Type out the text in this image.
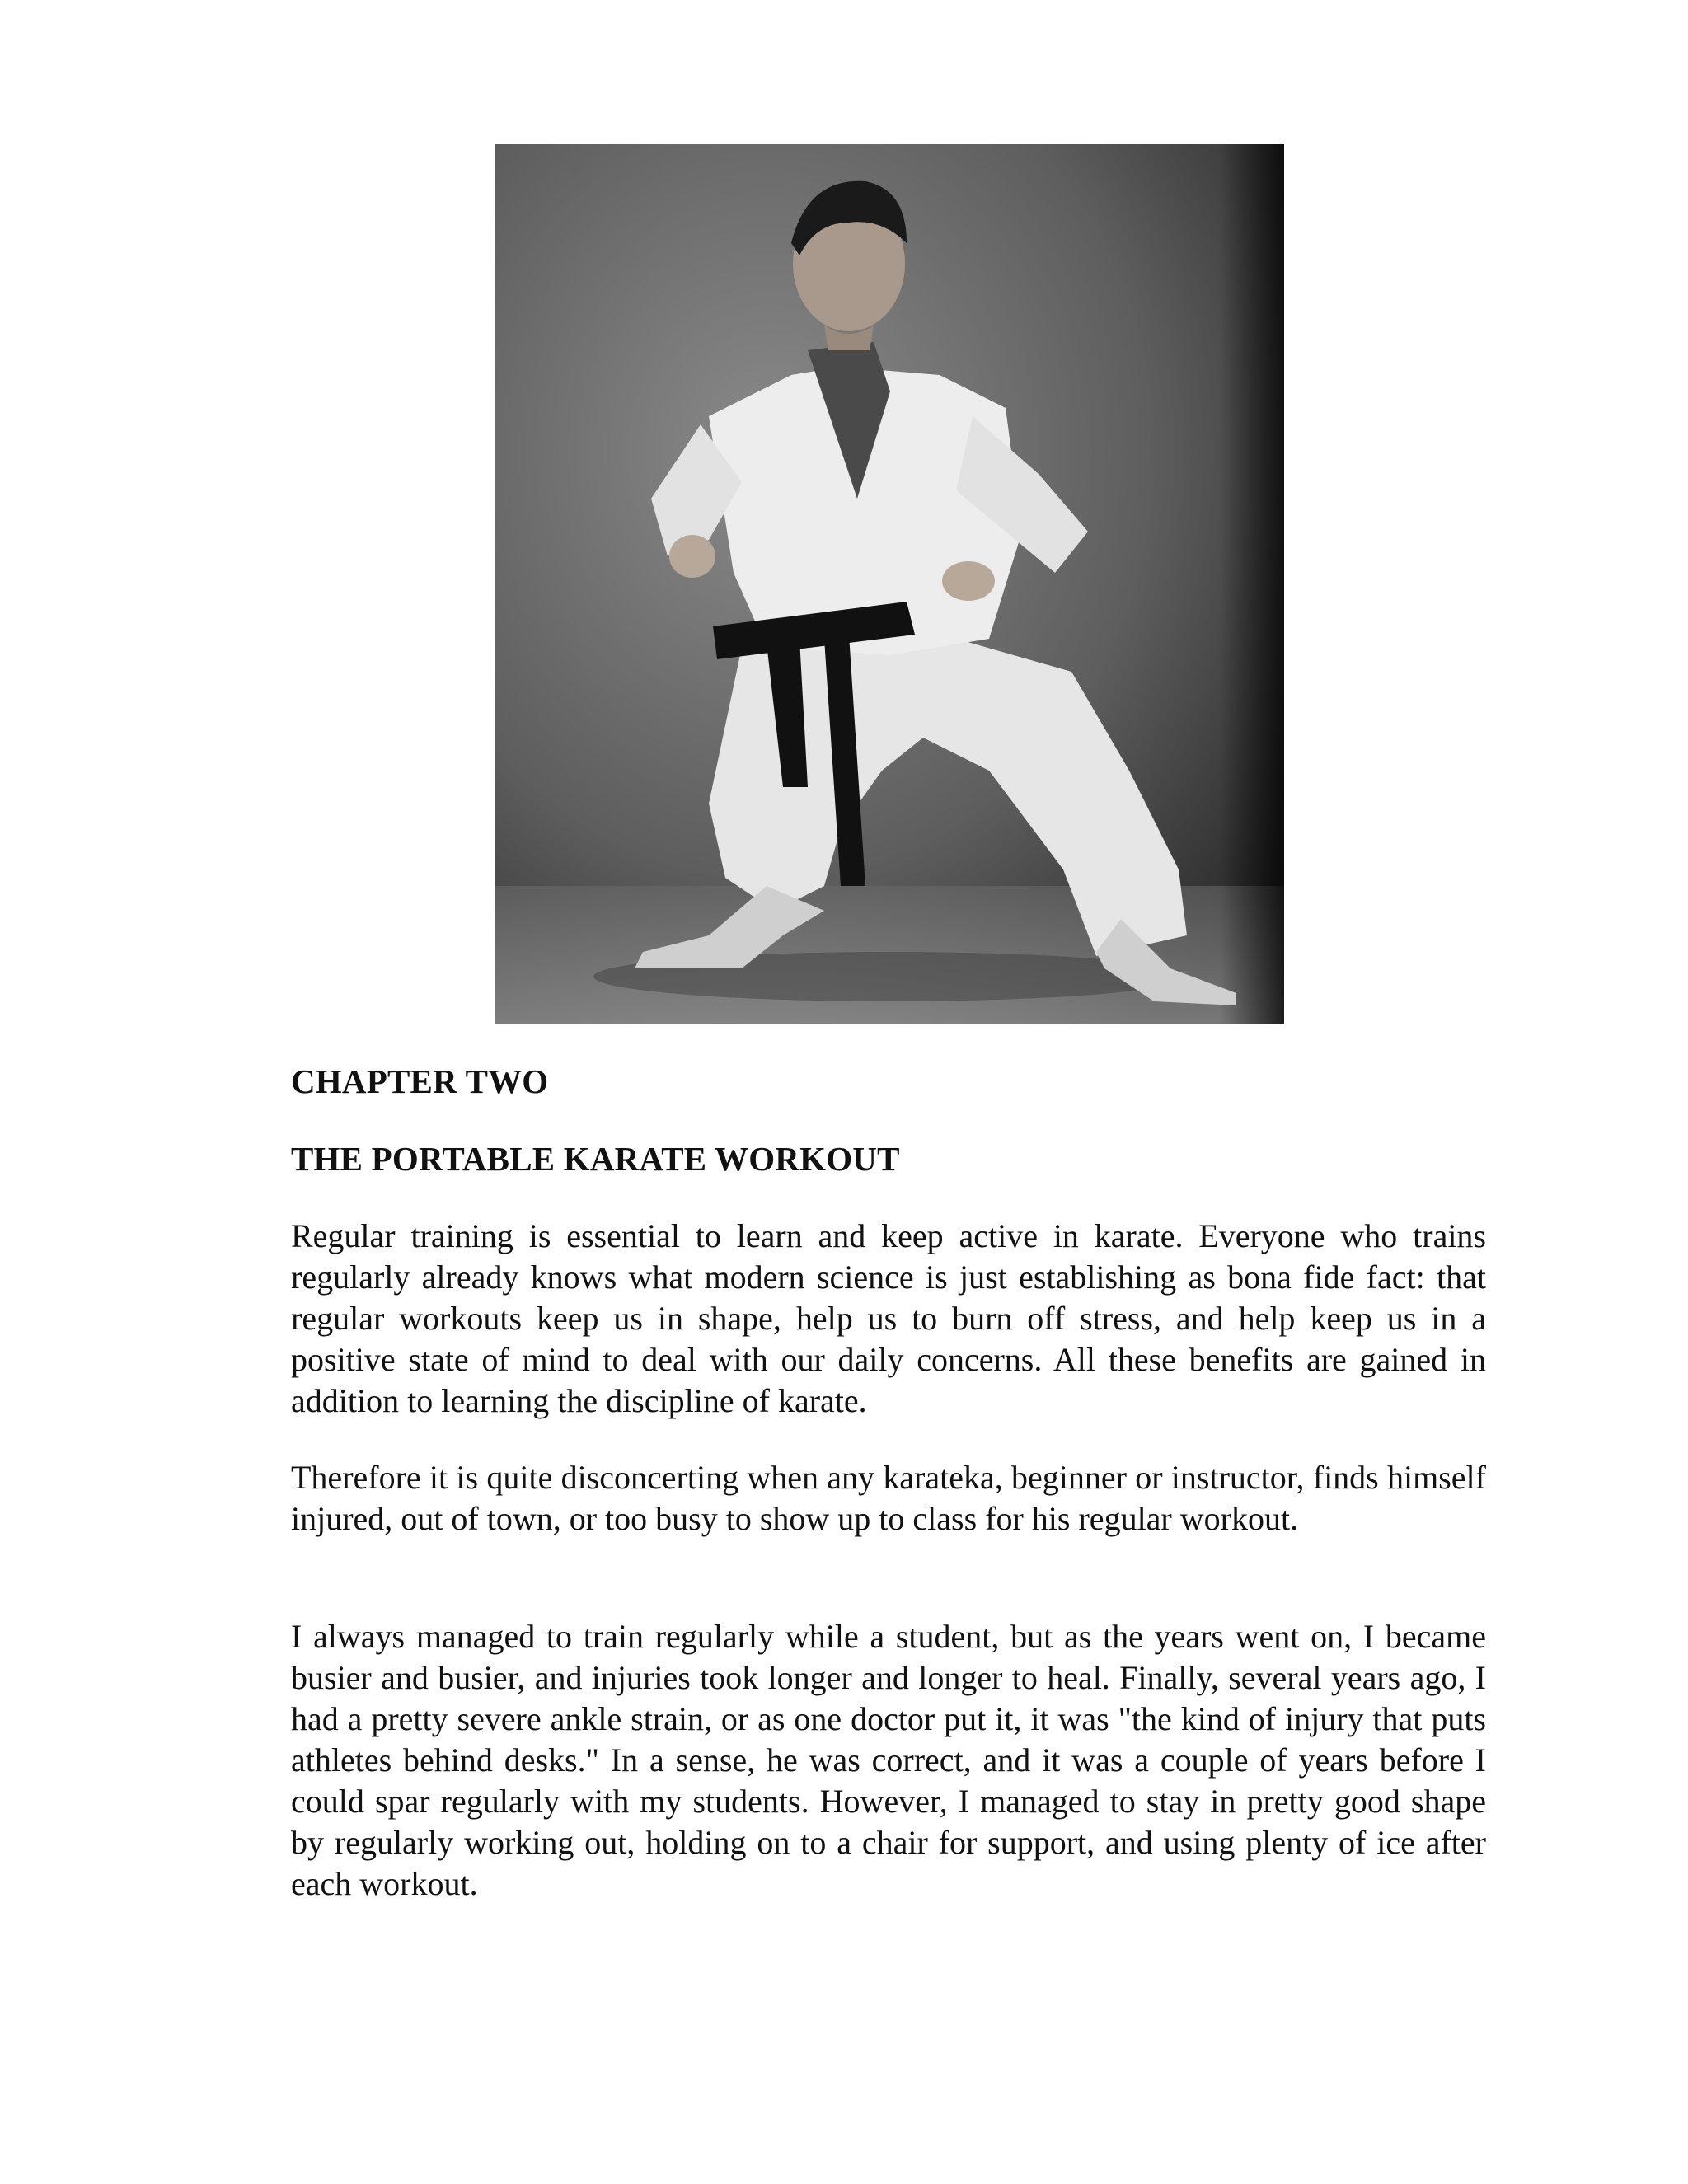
CHAPTER TWO

THE PORTABLE KARATE WORKOUT

Regular training is essential to learn and keep active in karate. Everyone who trains regularly already knows what modern science is just establishing as bona fide fact: that regular workouts keep us in shape, help us to burn off stress, and help keep us in a positive state of mind to deal with our daily concerns. All these benefits are gained in addition to learning the discipline of karate.

Therefore it is quite disconcerting when any karateka, beginner or instructor, finds himself injured, out of town, or too busy to show up to class for his regular workout.

I always managed to train regularly while a student, but as the years went on, I became busier and busier, and injuries took longer and longer to heal. Finally, several years ago, I had a pretty severe ankle strain, or as one doctor put it, it was "the kind of injury that puts athletes behind desks." In a sense, he was correct, and it was a couple of years before I could spar regularly with my students. However, I managed to stay in pretty good shape by regularly working out, holding on to a chair for support, and using plenty of ice after each workout.
